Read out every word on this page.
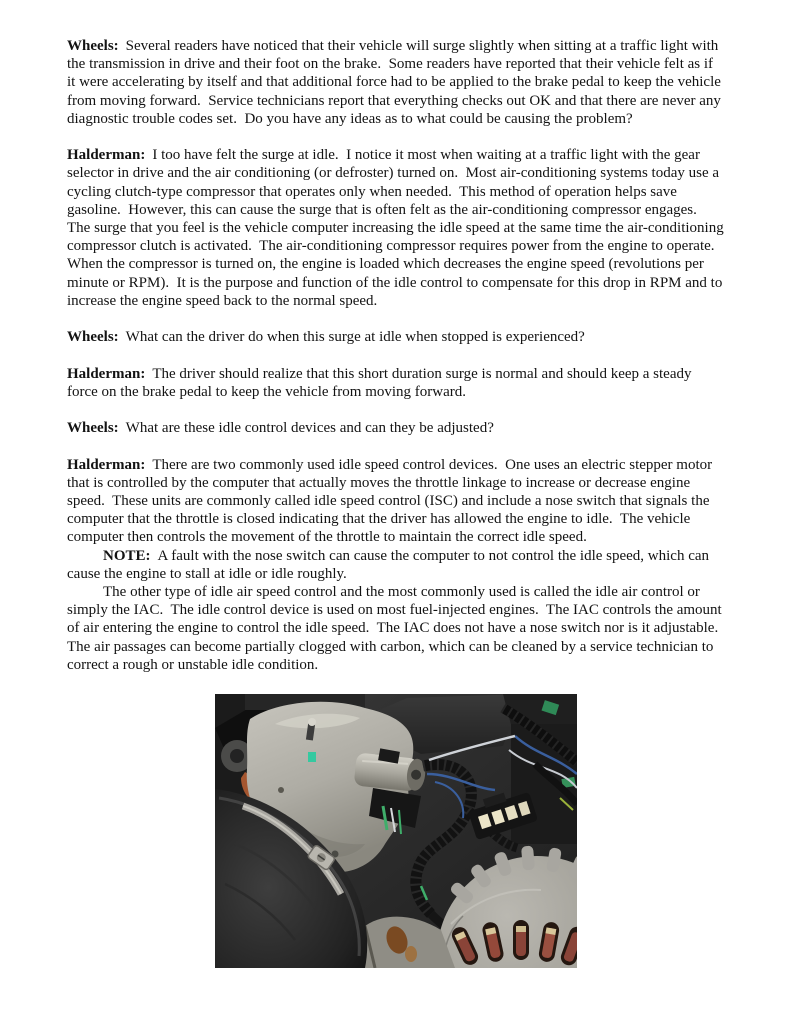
Wheels: Several readers have noticed that their vehicle will surge slightly when sitting at a traffic light with the transmission in drive and their foot on the brake.  Some readers have reported that their vehicle felt as if it were accelerating by itself and that additional force had to be applied to the brake pedal to keep the vehicle from moving forward.  Service technicians report that everything checks out OK and that there are never any diagnostic trouble codes set.  Do you have any ideas as to what could be causing the problem?

Halderman: I too have felt the surge at idle.  I notice it most when waiting at a traffic light with the gear selector in drive and the air conditioning (or defroster) turned on.  Most air-conditioning systems today use a cycling clutch-type compressor that operates only when needed.  This method of operation helps save gasoline.  However, this can cause the surge that is often felt as the air-conditioning compressor engages.  The surge that you feel is the vehicle computer increasing the idle speed at the same time the air-conditioning compressor clutch is activated.  The air-conditioning compressor requires power from the engine to operate.  When the compressor is turned on, the engine is loaded which decreases the engine speed (revolutions per minute or RPM).  It is the purpose and function of the idle control to compensate for this drop in RPM and to increase the engine speed back to the normal speed.

Wheels: What can the driver do when this surge at idle when stopped is experienced?

Halderman: The driver should realize that this short duration surge is normal and should keep a steady force on the brake pedal to keep the vehicle from moving forward.

Wheels: What are these idle control devices and can they be adjusted?

Halderman: There are two commonly used idle speed control devices.  One uses an electric stepper motor that is controlled by the computer that actually moves the throttle linkage to increase or decrease engine speed.  These units are commonly called idle speed control (ISC) and include a nose switch that signals the computer that the throttle is closed indicating that the driver has allowed the engine to idle.  The vehicle computer then controls the movement of the throttle to maintain the correct idle speed.

NOTE: A fault with the nose switch can cause the computer to not control the idle speed, which can cause the engine to stall at idle or idle roughly.

The other type of idle air speed control and the most commonly used is called the idle air control or simply the IAC.  The idle control device is used on most fuel-injected engines.  The IAC controls the amount of air entering the engine to control the idle speed.  The IAC does not have a nose switch nor is it adjustable.  The air passages can become partially clogged with carbon, which can be cleaned by a service technician to correct a rough or unstable idle condition.
